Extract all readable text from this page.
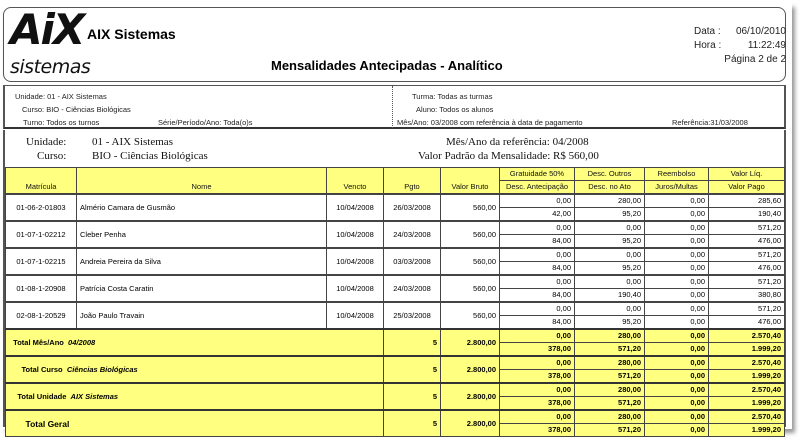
AiX
sistemas
AIX Sistemas
Mensalidades Antecipadas - Analítico
Data : 06/10/2010
Hora :	11:22:49
Página 2 de 2
Unidade: 01 - AIX Sistemas
Curso: BIO - Ciências Biológicas
Turno: Todos os turnos	Série/Período/Ano: Toda(o)s
Turma: Todas as turmas
Aluno: Todos os alunos
Mês/Ano: 03/2008 com referência à data de pagamento	Referência:31/03/2008
Unidade: 01 - AIX Sistemas
Curso: BIO - Ciências Biológicas
Mês/Ano da referência: 04/2008
Valor Padrão da Mensalidade: R$ 560,00
Matrícula	Nome	Vencto	Pgto	Valor Bruto	Gratuidade 50%	Desc. Outros	Reembolso	Valor Líq.
					Desc. Antecipação	Desc. no Ato	Juros/Multas	Valor Pago
01-06-2-01803	Almério Camara de Gusmão	10/04/2008	26/03/2008	560,00	0,00	280,00	0,00	285,60
					42,00	95,20	0,00	190,40
01-07-1-02212	Cleber Penha	10/04/2008	24/03/2008	560,00	0,00	0,00	0,00	571,20
					84,00	95,20	0,00	476,00
01-07-1-02215	Andreia Pereira da Silva	10/04/2008	03/03/2008	560,00	0,00	0,00	0,00	571,20
					84,00	95,20	0,00	476,00
01-08-1-20908	Patrícia Costa Caratin	10/04/2008	24/03/2008	560,00	0,00	0,00	0,00	571,20
					84,00	190,40	0,00	380,80
02-08-1-20529	João Paulo Travain	10/04/2008	25/03/2008	560,00	0,00	0,00	0,00	571,20
					84,00	95,20	0,00	476,00
Total Mês/Ano 04/2008			5	2.800,00	0,00	280,00	0,00	2.570,40
					378,00	571,20	0,00	1.999,20
Total Curso Ciências Biológicas			5	2.800,00	0,00	280,00	0,00	2.570,40
					378,00	571,20	0,00	1.999,20
Total Unidade AIX Sistemas			5	2.800,00	0,00	280,00	0,00	2.570,40
					378,00	571,20	0,00	1.999,20
Total Geral			5	2.800,00	0,00	280,00	0,00	2.570,40
					378,00	571,20	0,00	1.999,20
